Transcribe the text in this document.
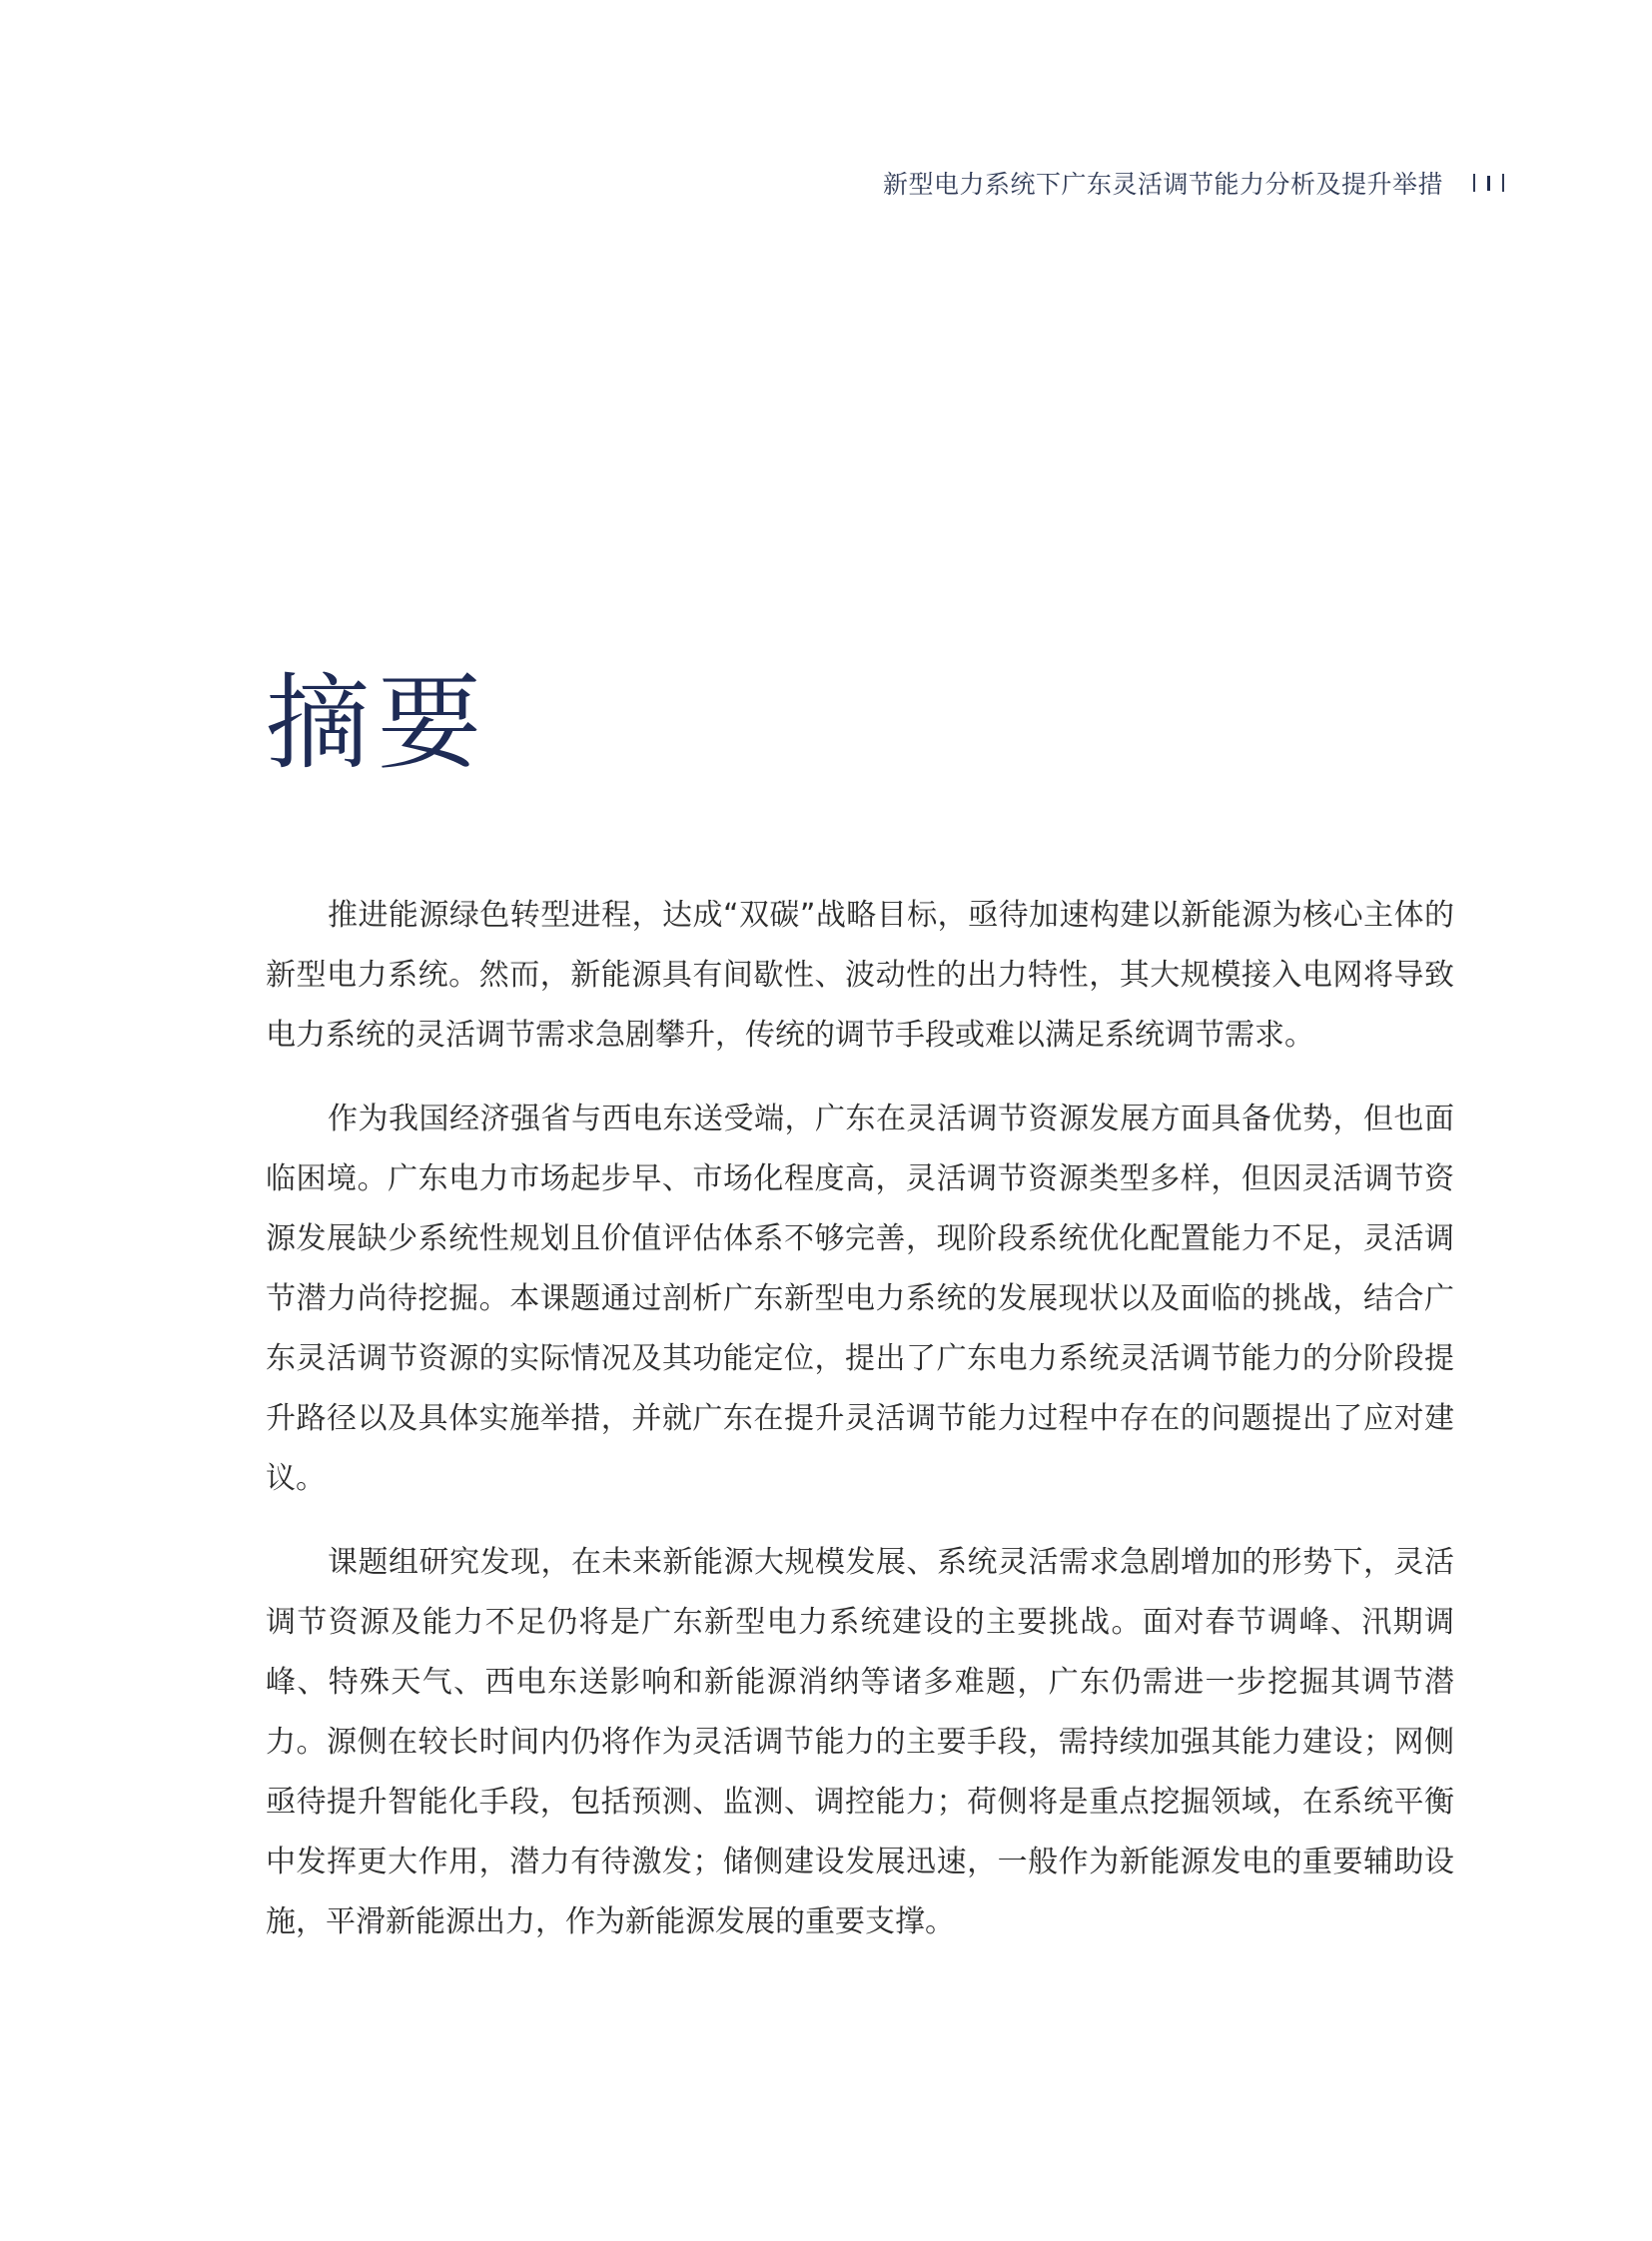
新型电力系统下广东灵活调节能力分析及提升举措
摘要

推进能源绿色转型进程，达成“双碳”战略目标，亟待加速构建以新能源为核心主体的新型电力系统。然而，新能源具有间歇性、波动性的出力特性，其大规模接入电网将导致电力系统的灵活调节需求急剧攀升，传统的调节手段或难以满足系统调节需求。

作为我国经济强省与西电东送受端，广东在灵活调节资源发展方面具备优势，但也面临困境。广东电力市场起步早、市场化程度高，灵活调节资源类型多样，但因灵活调节资源发展缺少系统性规划且价值评估体系不够完善，现阶段系统优化配置能力不足，灵活调节潜力尚待挖掘。本课题通过剖析广东新型电力系统的发展现状以及面临的挑战，结合广东灵活调节资源的实际情况及其功能定位，提出了广东电力系统灵活调节能力的分阶段提升路径以及具体实施举措，并就广东在提升灵活调节能力过程中存在的问题提出了应对建议。

课题组研究发现，在未来新能源大规模发展、系统灵活需求急剧增加的形势下，灵活调节资源及能力不足仍将是广东新型电力系统建设的主要挑战。面对春节调峰、汛期调峰、特殊天气、西电东送影响和新能源消纳等诸多难题，广东仍需进一步挖掘其调节潜力。源侧在较长时间内仍将作为灵活调节能力的主要手段，需持续加强其能力建设；网侧亟待提升智能化手段，包括预测、监测、调控能力；荷侧将是重点挖掘领域，在系统平衡中发挥更大作用，潜力有待激发；储侧建设发展迅速，一般作为新能源发电的重要辅助设施，平滑新能源出力，作为新能源发展的重要支撑。
